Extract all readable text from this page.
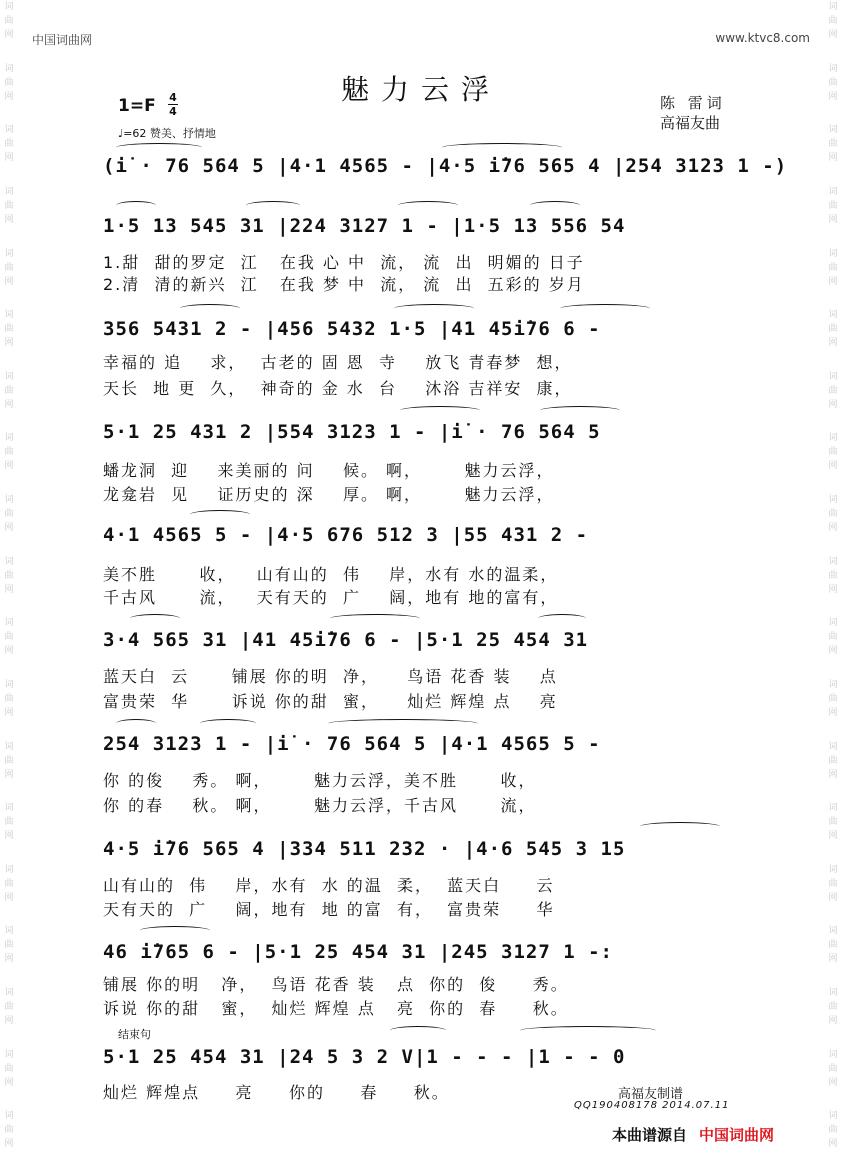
词
曲
网
词
曲
网
词
曲
网
词
曲
网
词
曲
网
词
曲
网
词
曲
网
词
曲
网
词
曲
网
词
曲
网
词
曲
网
词
曲
网
词
曲
网
词
曲
网
词
曲
网
词
曲
网
词
曲
网
词
曲
网
词
曲
网
词
曲
网
词
曲
网
词
曲
网
词
曲
网
词
曲
网
词
曲
网
词
曲
网
词
曲
网
词
曲
网
词
曲
网
词
曲
网
词
曲
网
词
曲
网
词
曲
网
词
曲
网
词
曲
网
词
曲
网
词
曲
网
词
曲
网
中国词曲网	www.ktvc8.com
魅力云浮
1=F 4
4
♩=62 赞美、抒情地
陈 雷词
高福友曲
(i̇ · 76 564 5 |4·1 4565 - |4·5 i̇76 565 4 |254 3123 1 -)
1·5 13 545 31 |224 3127 1 - |1·5 13 556 54
1.甜  甜的罗定  江   在我 心 中  流， 流  出  明媚的 日子
2.清  清的新兴  江   在我 梦 中  流， 流  出  五彩的 岁月
356 5431 2 - |456 5432 1·5 |41 45i̇76 6 -
幸福的 追    求，  古老的 固 恩  寺    放飞 青春梦  想，
天长  地 更  久，  神奇的 金 水  台    沐浴 吉祥安  康，
5·1 25 431 2 |554 3123 1 - |i̇ · 76 564 5
蟠龙洞  迎    来美丽的 问    候。 啊，      魅力云浮，
龙龛岩  见    证历史的 深    厚。 啊，      魅力云浮，
4·1 4565 5 - |4·5 676 512 3 |55 431 2 -
美不胜      收，   山有山的  伟    岸，水有 水的温柔，
千古风      流，   天有天的  广    阔，地有 地的富有，
3·4 565 31 |41 45i̇76 6 - |5·1 25 454 31
蓝天白  云      铺展 你的明  净，    鸟语 花香 装    点
富贵荣  华      诉说 你的甜  蜜，    灿烂 辉煌 点    亮
254 3123 1 - |i̇ · 76 564 5 |4·1 4565 5 -
你 的俊    秀。 啊，      魅力云浮，美不胜      收，
你 的春    秋。 啊，      魅力云浮，千古风      流，
4·5 i̇76 565 4 |334 511 232 · |4·6 545 3 15
山有山的  伟    岸，水有  水 的温  柔，  蓝天白     云
天有天的  广    阔，地有  地 的富  有，  富贵荣     华
46 i̇765 6 - |5·1 25 454 31 |245 3127 1 -:
铺展 你的明   净，  鸟语 花香 装   点  你的  俊     秀。
诉说 你的甜   蜜，  灿烂 辉煌 点   亮  你的  春     秋。
结束句
5·1 25 454 31 |24 5 3 2 V|1 - - - |1 - - 0
灿烂 辉煌点     亮     你的     春     秋。	高福友制谱
QQ190408178 2014.07.11
本曲谱源自 中国词曲网
